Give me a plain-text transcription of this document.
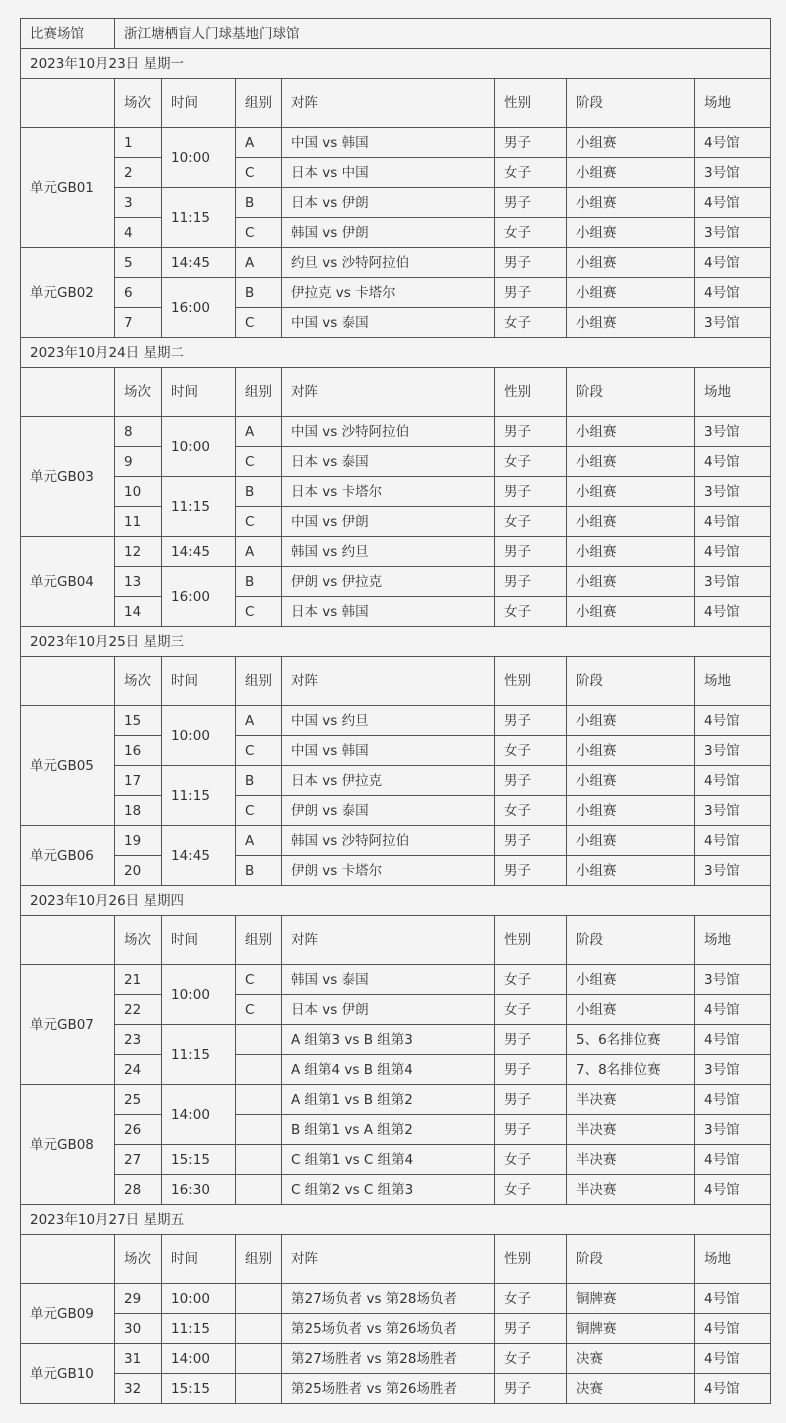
比赛场馆	浙江塘栖盲人门球基地门球馆						
2023年10月23日 星期一							
	场次	时间	组别	对阵	性别	阶段	场地
单元GB01	1	10:00	A	中国 vs 韩国	男子	小组赛	4号馆
	2		C	日本 vs 中国	女子	小组赛	3号馆
	3	11:15	B	日本 vs 伊朗	男子	小组赛	4号馆
	4		C	韩国 vs 伊朗	女子	小组赛	3号馆
单元GB02	5	14:45	A	约旦 vs 沙特阿拉伯	男子	小组赛	4号馆
	6	16:00	B	伊拉克 vs 卡塔尔	男子	小组赛	4号馆
	7		C	中国 vs 泰国	女子	小组赛	3号馆
2023年10月24日 星期二							
	场次	时间	组别	对阵	性别	阶段	场地
单元GB03	8	10:00	A	中国 vs 沙特阿拉伯	男子	小组赛	3号馆
	9		C	日本 vs 泰国	女子	小组赛	4号馆
	10	11:15	B	日本 vs 卡塔尔	男子	小组赛	3号馆
	11		C	中国 vs 伊朗	女子	小组赛	4号馆
单元GB04	12	14:45	A	韩国 vs 约旦	男子	小组赛	4号馆
	13	16:00	B	伊朗 vs 伊拉克	男子	小组赛	3号馆
	14		C	日本 vs 韩国	女子	小组赛	4号馆
2023年10月25日 星期三							
	场次	时间	组别	对阵	性别	阶段	场地
单元GB05	15	10:00	A	中国 vs 约旦	男子	小组赛	4号馆
	16		C	中国 vs 韩国	女子	小组赛	3号馆
	17	11:15	B	日本 vs 伊拉克	男子	小组赛	4号馆
	18		C	伊朗 vs 泰国	女子	小组赛	3号馆
单元GB06	19	14:45	A	韩国 vs 沙特阿拉伯	男子	小组赛	4号馆
	20		B	伊朗 vs 卡塔尔	男子	小组赛	3号馆
2023年10月26日 星期四							
	场次	时间	组别	对阵	性别	阶段	场地
单元GB07	21	10:00	C	韩国 vs 泰国	女子	小组赛	3号馆
	22		C	日本 vs 伊朗	女子	小组赛	4号馆
	23	11:15		A 组第3 vs B 组第3	男子	5、6名排位赛	4号馆
	24			A 组第4 vs B 组第4	男子	7、8名排位赛	3号馆
单元GB08	25	14:00		A 组第1 vs B 组第2	男子	半决赛	4号馆
	26			B 组第1 vs A 组第2	男子	半决赛	3号馆
	27	15:15		C 组第1 vs C 组第4	女子	半决赛	4号馆
	28	16:30		C 组第2 vs C 组第3	女子	半决赛	4号馆
2023年10月27日 星期五							
	场次	时间	组别	对阵	性别	阶段	场地
单元GB09	29	10:00		第27场负者 vs 第28场负者	女子	铜牌赛	4号馆
	30	11:15		第25场负者 vs 第26场负者	男子	铜牌赛	4号馆
单元GB10	31	14:00		第27场胜者 vs 第28场胜者	女子	决赛	4号馆
	32	15:15		第25场胜者 vs 第26场胜者	男子	决赛	4号馆
